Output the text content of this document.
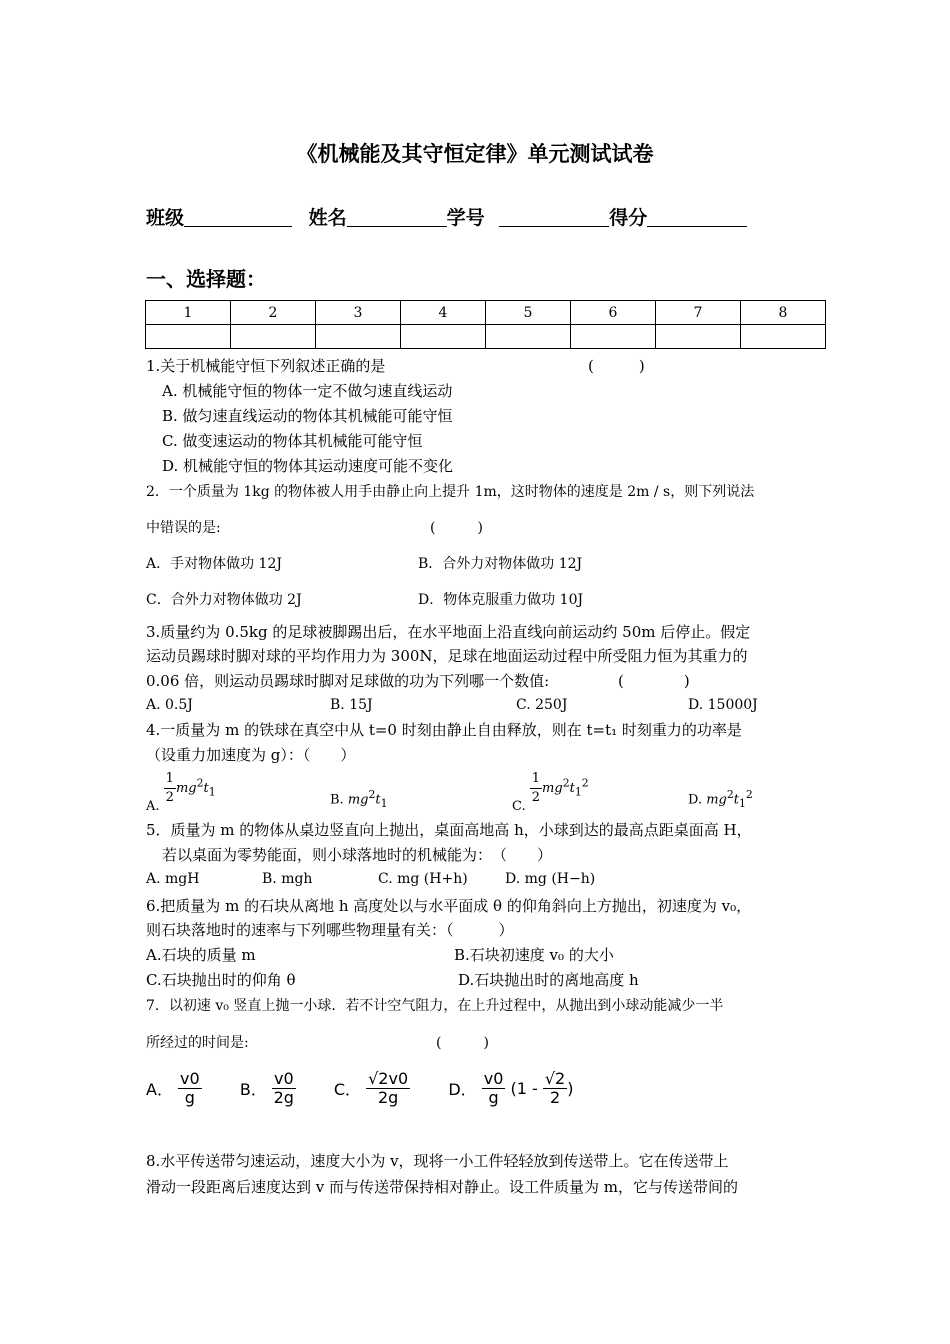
《机械能及其守恒定律》单元测试试卷
班级	姓名	学号	得分
一、选择题：
1	2	3	4	5	6	7	8

1.关于机械能守恒下列叙述正确的是	(　　　)
A. 机械能守恒的物体一定不做匀速直线运动
B. 做匀速直线运动的物体其机械能可能守恒
C. 做变速运动的物体其机械能可能守恒
D. 机械能守恒的物体其运动速度可能不变化
2．一个质量为 1kg 的物体被人用手由静止向上提升 1m，这时物体的速度是 2m / s，则下列说法
中错误的是:	(　　　)
A．手对物体做功 12J	B．合外力对物体做功 12J
C．合外力对物体做功 2J	D．物体克服重力做功 10J
3.质量约为 0.5kg 的足球被脚踢出后，在水平地面上沿直线向前运动约 50m 后停止。假定
运动员踢球时脚对球的平均作用力为 300N，足球在地面运动过程中所受阻力恒为其重力的
0.06 倍，则运动员踢球时脚对足球做的功为下列哪一个数值:	(　　　　)
A. 0.5J	B. 15J	C. 250J	D. 15000J
4.一质量为 m 的铁球在真空中从 t=0 时刻由静止自由释放，则在 t=t₁ 时刻重力的功率是
（设重力加速度为 g）：（　　）
A. $\frac{1}{2} mg^2t_1$
B. $mg^2t_1$	C. $\frac{1}{2} mg^2t_1^2$
D. $mg^2t_1^2$
5．质量为 m 的物体从桌边竖直向上抛出，桌面高地高 h，小球到达的最高点距桌面高 H，
若以桌面为零势能面，则小球落地时的机械能为：　（　　）
A. mgH	B. mgh	C. mg (H+h)	D. mg (H−h)
6.把质量为 m 的石块从离地 h 高度处以与水平面成 θ 的仰角斜向上方抛出，初速度为 v₀，
则石块落地时的速率与下列哪些物理量有关：（　　　）
A.石块的质量 m	B.石块初速度 v₀ 的大小
C.石块抛出时的仰角 θ	D.石块抛出时的离地高度 h
7．以初速 v₀ 竖直上抛一小球．若不计空气阻力，在上升过程中，从抛出到小球动能减少一半
所经过的时间是:	(　　　)
A． $\frac{v0}{g}$ B． $\frac{v0}{2g}$ C． $\frac{√2v0}{2g}$ D． $\frac{v0}{g} (1 - \frac{√2}{2}$ )
8.水平传送带匀速运动，速度大小为 v，现将一小工件轻轻放到传送带上。它在传送带上
滑动一段距离后速度达到 v 而与传送带保持相对静止。设工件质量为 m，它与传送带间的
